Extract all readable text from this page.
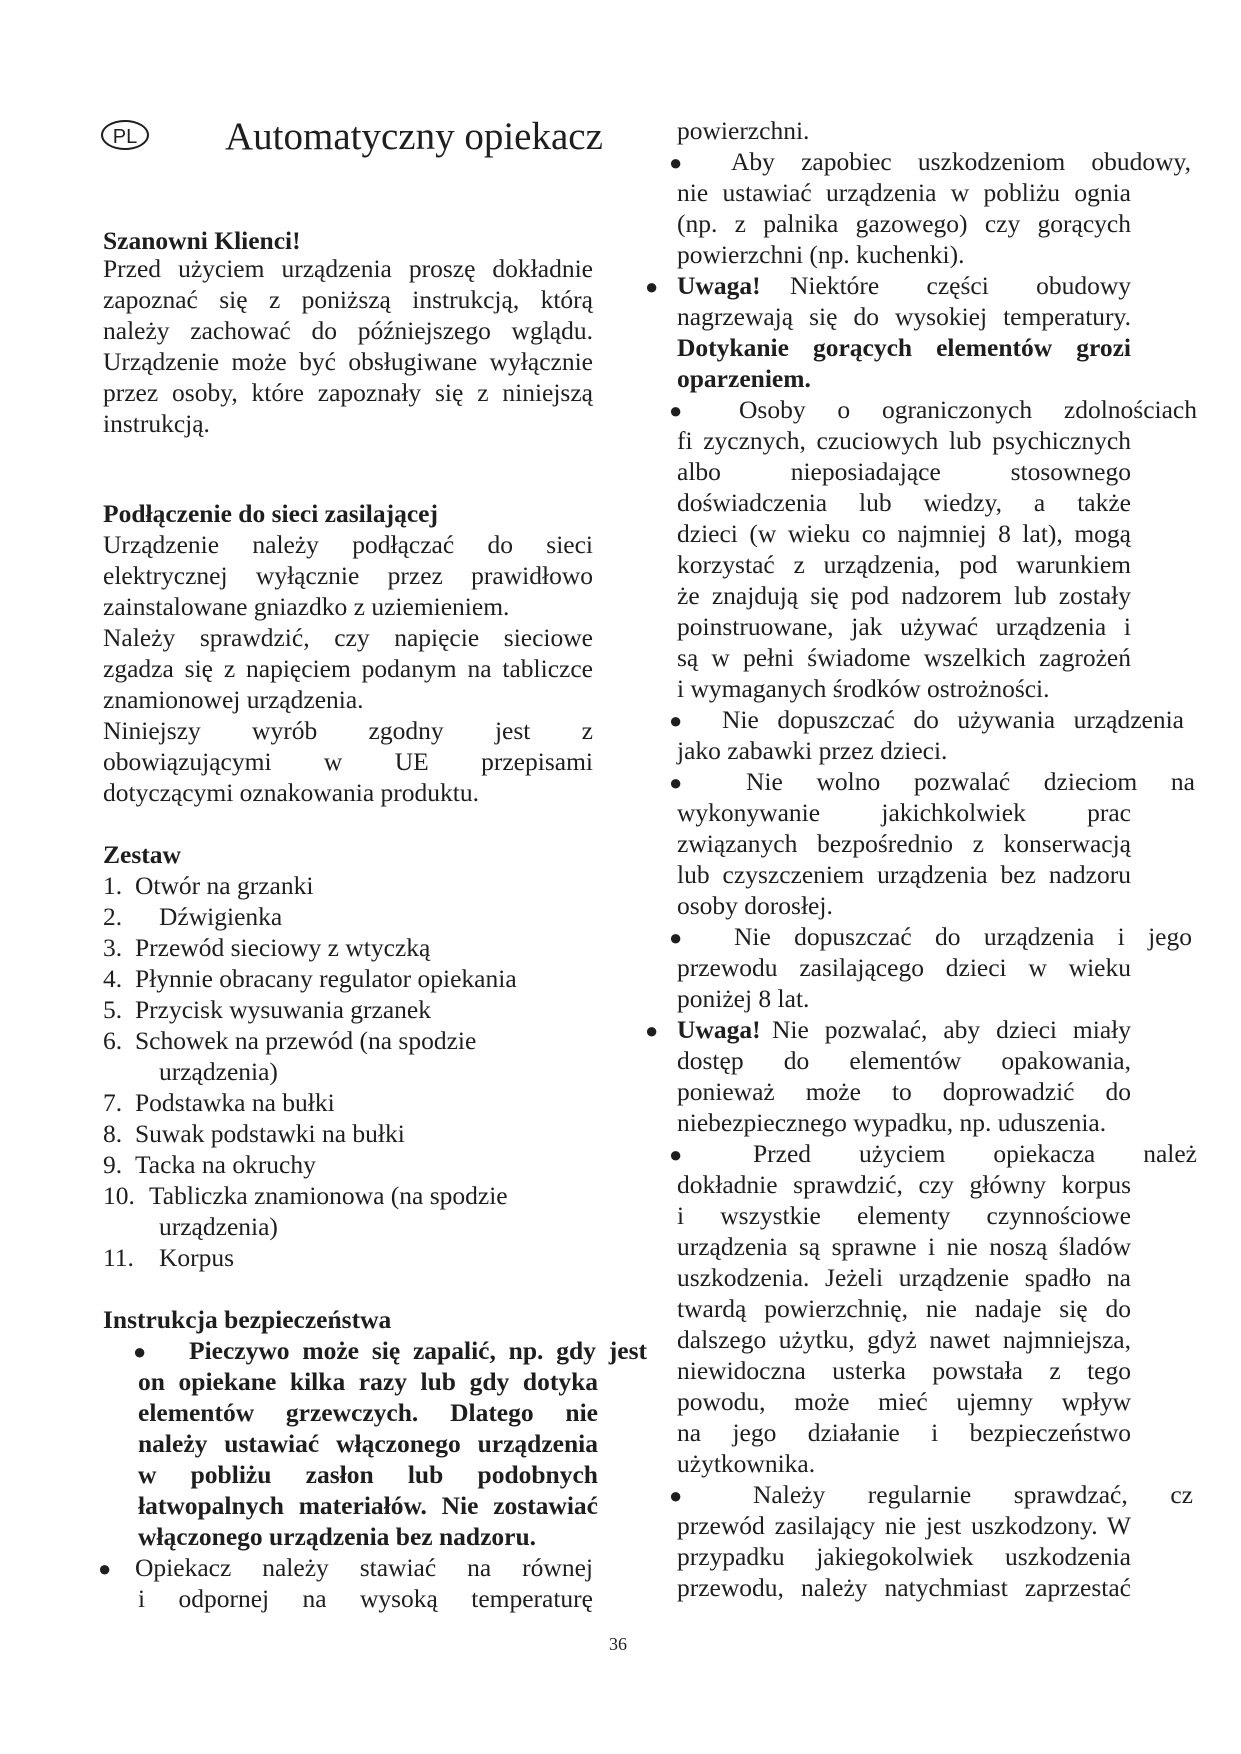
PL	Automatyczny opiekacz
Szanowni Klienci!
Przed użyciem urządzenia proszę dokładnie
zapoznać się z poniższą instrukcją, którą
należy zachować do późniejszego wglądu.
Urządzenie może być obsługiwane wyłącznie
przez osoby, które zapoznały się z niniejszą
instrukcją.
Podłączenie do sieci zasilającej
Urządzenie należy podłączać do sieci
elektrycznej wyłącznie przez prawidłowo
zainstalowane gniazdko z uziemieniem.
Należy sprawdzić, czy napięcie sieciowe
zgadza się z napięciem podanym na tabliczce
znamionowej urządzenia.
Niniejszy wyrób zgodny jest z
obowiązującymi w UE przepisami
dotyczącymi oznakowania produktu.
Zestaw
1. Otwór na grzanki
2. Dźwigienka
3. Przewód sieciowy z wtyczką
4. Płynnie obracany regulator opiekania
5. Przycisk wysuwania grzanek
6. Schowek na przewód (na spodzie
urządzenia)
7. Podstawka na bułki
8. Suwak podstawki na bułki
9. Tacka na okruchy
10. Tabliczka znamionowa (na spodzie
urządzenia)
11. Korpus
Instrukcja bezpieczeństwa
● Pieczywo może się zapalić, np. gdy jest
on opiekane kilka razy lub gdy dotyka
elementów grzewczych. Dlatego nie
należy ustawiać włączonego urządzenia
w pobliżu zasłon lub podobnych
łatwopalnych materiałów. Nie zostawiać
włączonego urządzenia bez nadzoru.
● Opiekacz należy stawiać na równej
i odpornej na wysoką temperaturę
powierzchni.
● Aby zapobiec uszkodzeniom obudowy,
nie ustawiać urządzenia w pobliżu ognia
(np. z palnika gazowego) czy gorących
powierzchni (np. kuchenki).
● Uwaga! Niektóre części obudowy
nagrzewają się do wysokiej temperatury.
Dotykanie gorących elementów grozi
oparzeniem.
● Osoby o ograniczonych zdolnościach
fi zycznych, czuciowych lub psychicznych
albo nieposiadające stosownego
doświadczenia lub wiedzy, a także
dzieci (w wieku co najmniej 8 lat), mogą
korzystać z urządzenia, pod warunkiem
że znajdują się pod nadzorem lub zostały
poinstruowane, jak używać urządzenia i
są w pełni świadome wszelkich zagrożeń
i wymaganych środków ostrożności.
● Nie dopuszczać do używania urządzenia
jako zabawki przez dzieci.
● Nie wolno pozwalać dzieciom na
wykonywanie jakichkolwiek prac
związanych bezpośrednio z konserwacją
lub czyszczeniem urządzenia bez nadzoru
osoby dorosłej.
● Nie dopuszczać do urządzenia i jego
przewodu zasilającego dzieci w wieku
poniżej 8 lat.
● Uwaga! Nie pozwalać, aby dzieci miały
dostęp do elementów opakowania,
ponieważ może to doprowadzić do
niebezpiecznego wypadku, np. uduszenia.
●	Przed użyciem opiekacza należ
dokładnie sprawdzić, czy główny korpus
i wszystkie elementy czynnościowe
urządzenia są sprawne i nie noszą śladów
uszkodzenia. Jeżeli urządzenie spadło na
twardą powierzchnię, nie nadaje się do
dalszego użytku, gdyż nawet najmniejsza,
niewidoczna usterka powstała z tego
powodu, może mieć ujemny wpływ
na jego działanie i bezpieczeństwo
użytkownika.
●	Należy regularnie sprawdzać, cz
przewód zasilający nie jest uszkodzony. W
przypadku jakiegokolwiek uszkodzenia
przewodu, należy natychmiast zaprzestać
36
